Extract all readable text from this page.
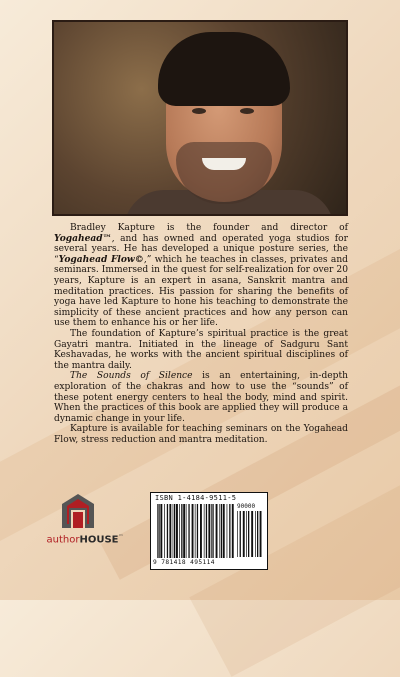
Bradley Kapture is the founder and director of Yogahead™, and has owned and operated yoga studios for several years. He has developed a unique posture series, the “Yogahead Flow©,” which he teaches in classes, privates and seminars. Immersed in the quest for self-realization for over 20 years, Kapture is an expert in asana, Sanskrit mantra and meditation practices. His passion for sharing the benefits of yoga have led Kapture to hone his teaching to demonstrate the simplicity of these ancient practices and how any person can use them to enhance his or her life.

The foundation of Kapture’s spiritual practice is the great Gayatri mantra. Initiated in the lineage of Sadguru Sant Keshavadas, he works with the ancient spiritual disciplines of the mantra daily.

The Sounds of Silence is an entertaining, in-depth exploration of the chakras and how to use the “sounds” of these potent energy centers to heal the body, mind and spirit. When the practices of this book are applied they will produce a dynamic change in your life.

Kapture is available for teaching seminars on the Yogahead Flow, stress reduction and mantra meditation.

authorHOUSE™
ISBN 1-4184-9511-5
90000
9 781418 495114
